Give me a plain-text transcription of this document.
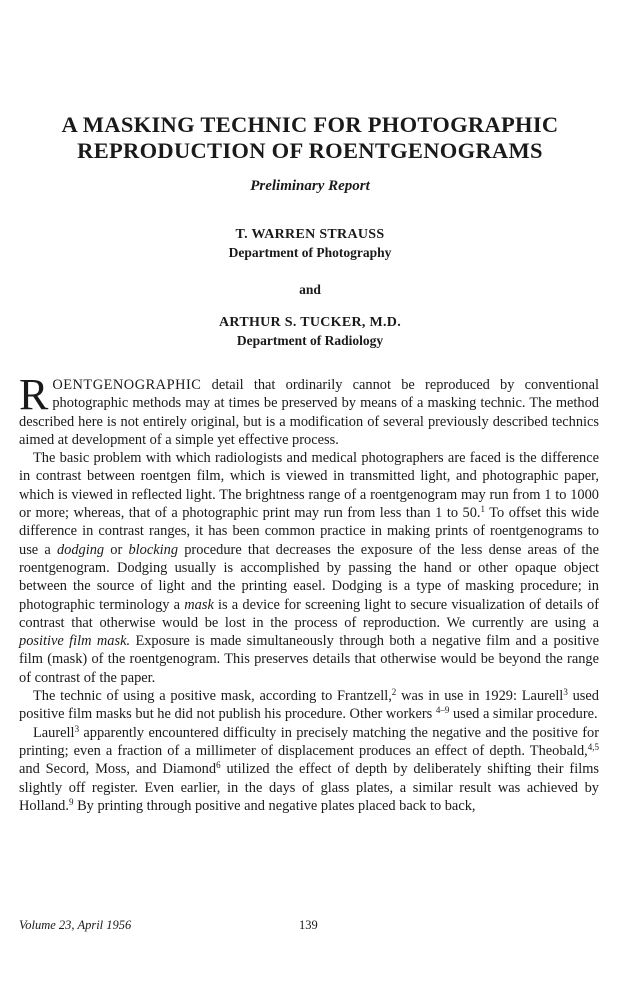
A MASKING TECHNIC FOR PHOTOGRAPHIC
REPRODUCTION OF ROENTGENOGRAMS
Preliminary Report
T. WARREN STRAUSS
Department of Photography
and
ARTHUR S. TUCKER, M.D.
Department of Radiology

ROENTGENOGRAPHIC detail that ordinarily cannot be reproduced by conventional photographic methods may at times be preserved by means of a masking technic. The method described here is not entirely original, but is a modification of several previously described technics aimed at development of a simple yet effective process.

The basic problem with which radiologists and medical photographers are faced is the difference in contrast between roentgen film, which is viewed in transmitted light, and photographic paper, which is viewed in reflected light. The brightness range of a roentgenogram may run from 1 to 1000 or more; whereas, that of a photographic print may run from less than 1 to 50.$^1$ To offset this wide difference in contrast ranges, it has been common practice in making prints of roentgenograms to use a dodging or blocking procedure that decreases the exposure of the less dense areas of the roentgenogram. Dodging usually is accomplished by passing the hand or other opaque object between the source of light and the printing easel. Dodging is a type of masking procedure; in photographic terminology a mask is a device for screening light to secure visualization of details of contrast that otherwise would be lost in the process of reproduction. We currently are using a positive film mask. Exposure is made simultaneously through both a negative film and a positive film (mask) of the roentgenogram. This preserves details that otherwise would be beyond the range of contrast of the paper.

The technic of using a positive mask, according to Frantzell,$^2$ was in use in 1929: Laurell$^3$ used positive film masks but he did not publish his procedure. Other workers $^{4-9}$ used a similar procedure.

Laurell$^3$ apparently encountered difficulty in precisely matching the negative and the positive for printing; even a fraction of a millimeter of displacement produces an effect of depth. Theobald,$^{4,5}$ and Secord, Moss, and Diamond$^6$ utilized the effect of depth by deliberately shifting their films slightly off register. Even earlier, in the days of glass plates, a similar result was achieved by Holland.$^9$ By printing through positive and negative plates placed back to back,

Volume 23, April 1956	139
